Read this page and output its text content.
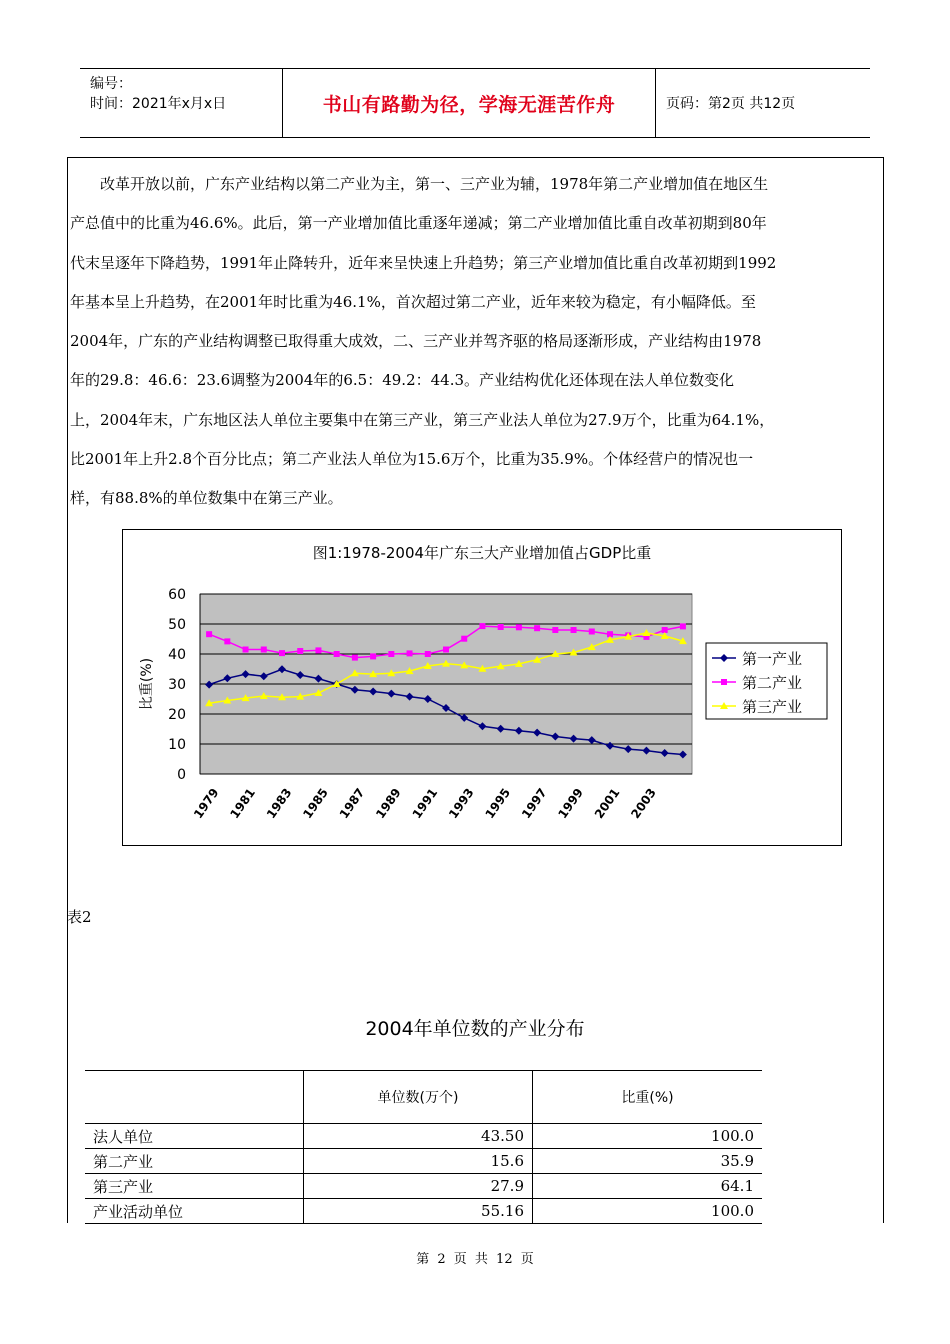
编号：
时间：2021年x月x日	书山有路勤为径，学海无涯苦作舟	页码：第2页 共12页
　　改革开放以前，广东产业结构以第二产业为主，第一、三产业为辅，1978年第二产业增加值在地区生
产总值中的比重为46.6%。此后，第一产业增加值比重逐年递减；第二产业增加值比重自改革初期到80年
代末呈逐年下降趋势，1991年止降转升，近年来呈快速上升趋势；第三产业增加值比重自改革初期到1992
年基本呈上升趋势，在2001年时比重为46.1%，首次超过第二产业，近年来较为稳定，有小幅降低。至
2004年，广东的产业结构调整已取得重大成效，二、三产业并驾齐驱的格局逐渐形成，产业结构由1978
年的29.8：46.6：23.6调整为2004年的6.5：49.2：44.3。产业结构优化还体现在法人单位数变化
上，2004年末，广东地区法人单位主要集中在第三产业，第三产业法人单位为27.9万个，比重为64.1%，
比2001年上升2.8个百分比点；第二产业法人单位为15.6万个，比重为35.9%。个体经营户的情况也一
样，有88.8%的单位数集中在第三产业。
图1:1978-2004年广东三大产业增加值占GDP比重
0
10
20
30
40
50
60
比重(%)
1979 1981 1983 1985 1987 1989 1991 1993 1995 1997 1999 2001 2003
第一产业
第二产业
第三产业
表2
2004年单位数的产业分布
	单位数(万个)	比重(%)
法人单位	43.50	100.0
第二产业	15.6	35.9
第三产业	27.9	64.1
产业活动单位	55.16	100.0
第 2 页 共 12 页
